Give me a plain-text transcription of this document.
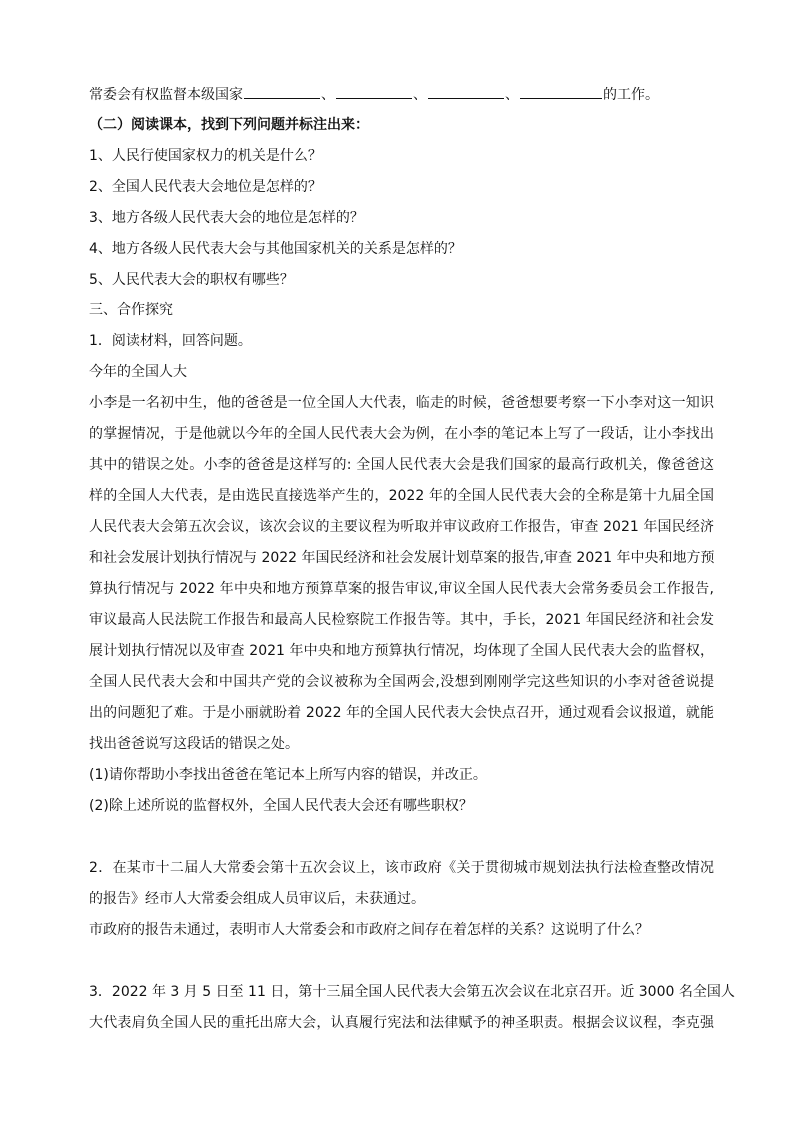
常委会有权监督本级国家	、	、	、	的工作。
（二）阅读课本，找到下列问题并标注出来：
1、人民行使国家权力的机关是什么？
2、全国人民代表大会地位是怎样的？
3、地方各级人民代表大会的地位是怎样的？
4、地方各级人民代表大会与其他国家机关的关系是怎样的？
5、人民代表大会的职权有哪些？
三、合作探究
1．阅读材料，回答问题。
今年的全国人大
小李是一名初中生，他的爸爸是一位全国人大代表，临走的时候，爸爸想要考察一下小李对这一知识
的掌握情况，于是他就以今年的全国人民代表大会为例，在小李的笔记本上写了一段话，让小李找出
其中的错误之处。小李的爸爸是这样写的: 全国人民代表大会是我们国家的最高行政机关，像爸爸这
样的全国人大代表，是由选民直接选举产生的，2022 年的全国人民代表大会的全称是第十九届全国
人民代表大会第五次会议，该次会议的主要议程为听取并审议政府工作报告，审查 2021 年国民经济
和社会发展计划执行情况与 2022 年国民经济和社会发展计划草案的报告,审查 2021 年中央和地方预
算执行情况与 2022 年中央和地方预算草案的报告审议,审议全国人民代表大会常务委员会工作报告,
审议最高人民法院工作报告和最高人民检察院工作报告等。其中，手长，2021 年国民经济和社会发
展计划执行情况以及审查 2021 年中央和地方预算执行情况，均体现了全国人民代表大会的监督权，
全国人民代表大会和中国共产党的会议被称为全国两会,没想到刚刚学完这些知识的小李对爸爸说提
出的问题犯了难。于是小丽就盼着 2022 年的全国人民代表大会快点召开，通过观看会议报道，就能
找出爸爸说写这段话的错误之处。
(1)请你帮助小李找出爸爸在笔记本上所写内容的错误，并改正。
(2)除上述所说的监督权外，全国人民代表大会还有哪些职权？
2．在某市十二届人大常委会第十五次会议上，该市政府《关于贯彻城市规划法执行法检查整改情况
的报告》经市人大常委会组成人员审议后，未获通过。
市政府的报告未通过，表明市人大常委会和市政府之间存在着怎样的关系？这说明了什么？
3．2022 年 3 月 5 日至 11 日，第十三届全国人民代表大会第五次会议在北京召开。近 3000 名全国人
大代表肩负全国人民的重托出席大会，认真履行宪法和法律赋予的神圣职责。根据会议议程，李克强
